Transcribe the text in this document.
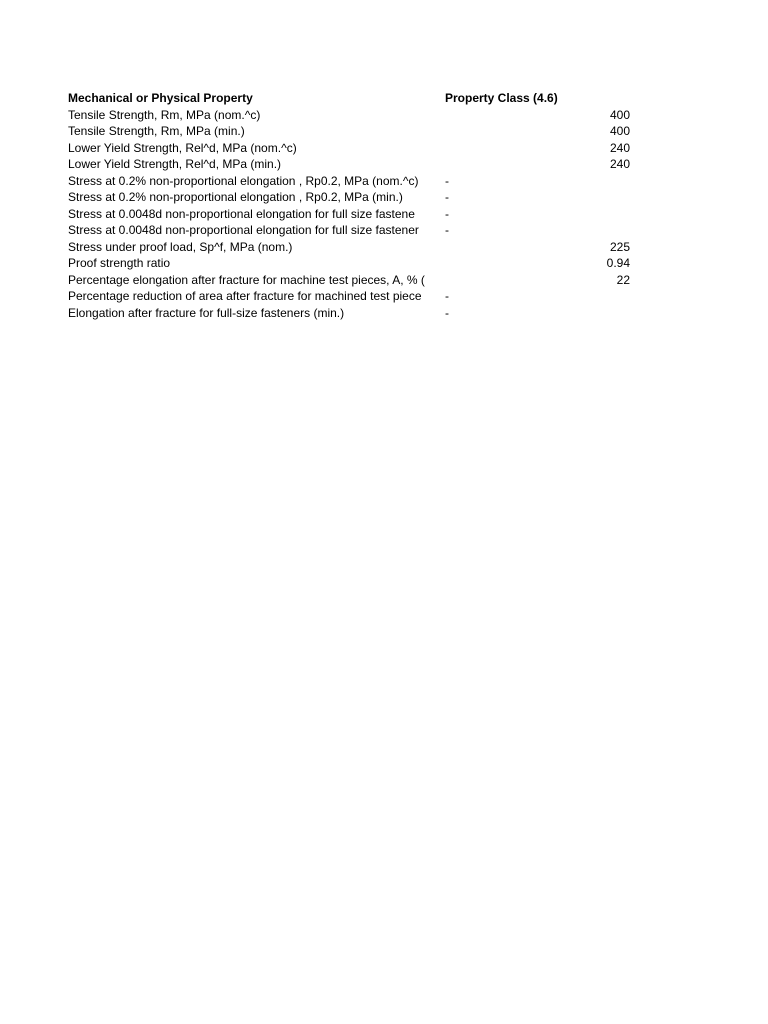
Mechanical or Physical Property	Property Class (4.6)
Tensile Strength, Rm, MPa (nom.^c)	400
Tensile Strength, Rm, MPa (min.)	400
Lower Yield Strength, Rel^d, MPa (nom.^c)	240
Lower Yield Strength, Rel^d, MPa (min.)	240
Stress at 0.2% non-proportional elongation , Rp0.2, MPa (nom.^c)	-
Stress at 0.2% non-proportional elongation , Rp0.2, MPa (min.)	-
Stress at 0.0048d non-proportional elongation for full size fastene	-
Stress at 0.0048d non-proportional elongation for full size fastener	-
Stress under proof load, Sp^f, MPa (nom.)	225
Proof strength ratio	0.94
Percentage elongation after fracture for machine test pieces, A, % (	22
Percentage reduction of area after fracture for machined test piece	-
Elongation after fracture for full-size fasteners (min.)	-
